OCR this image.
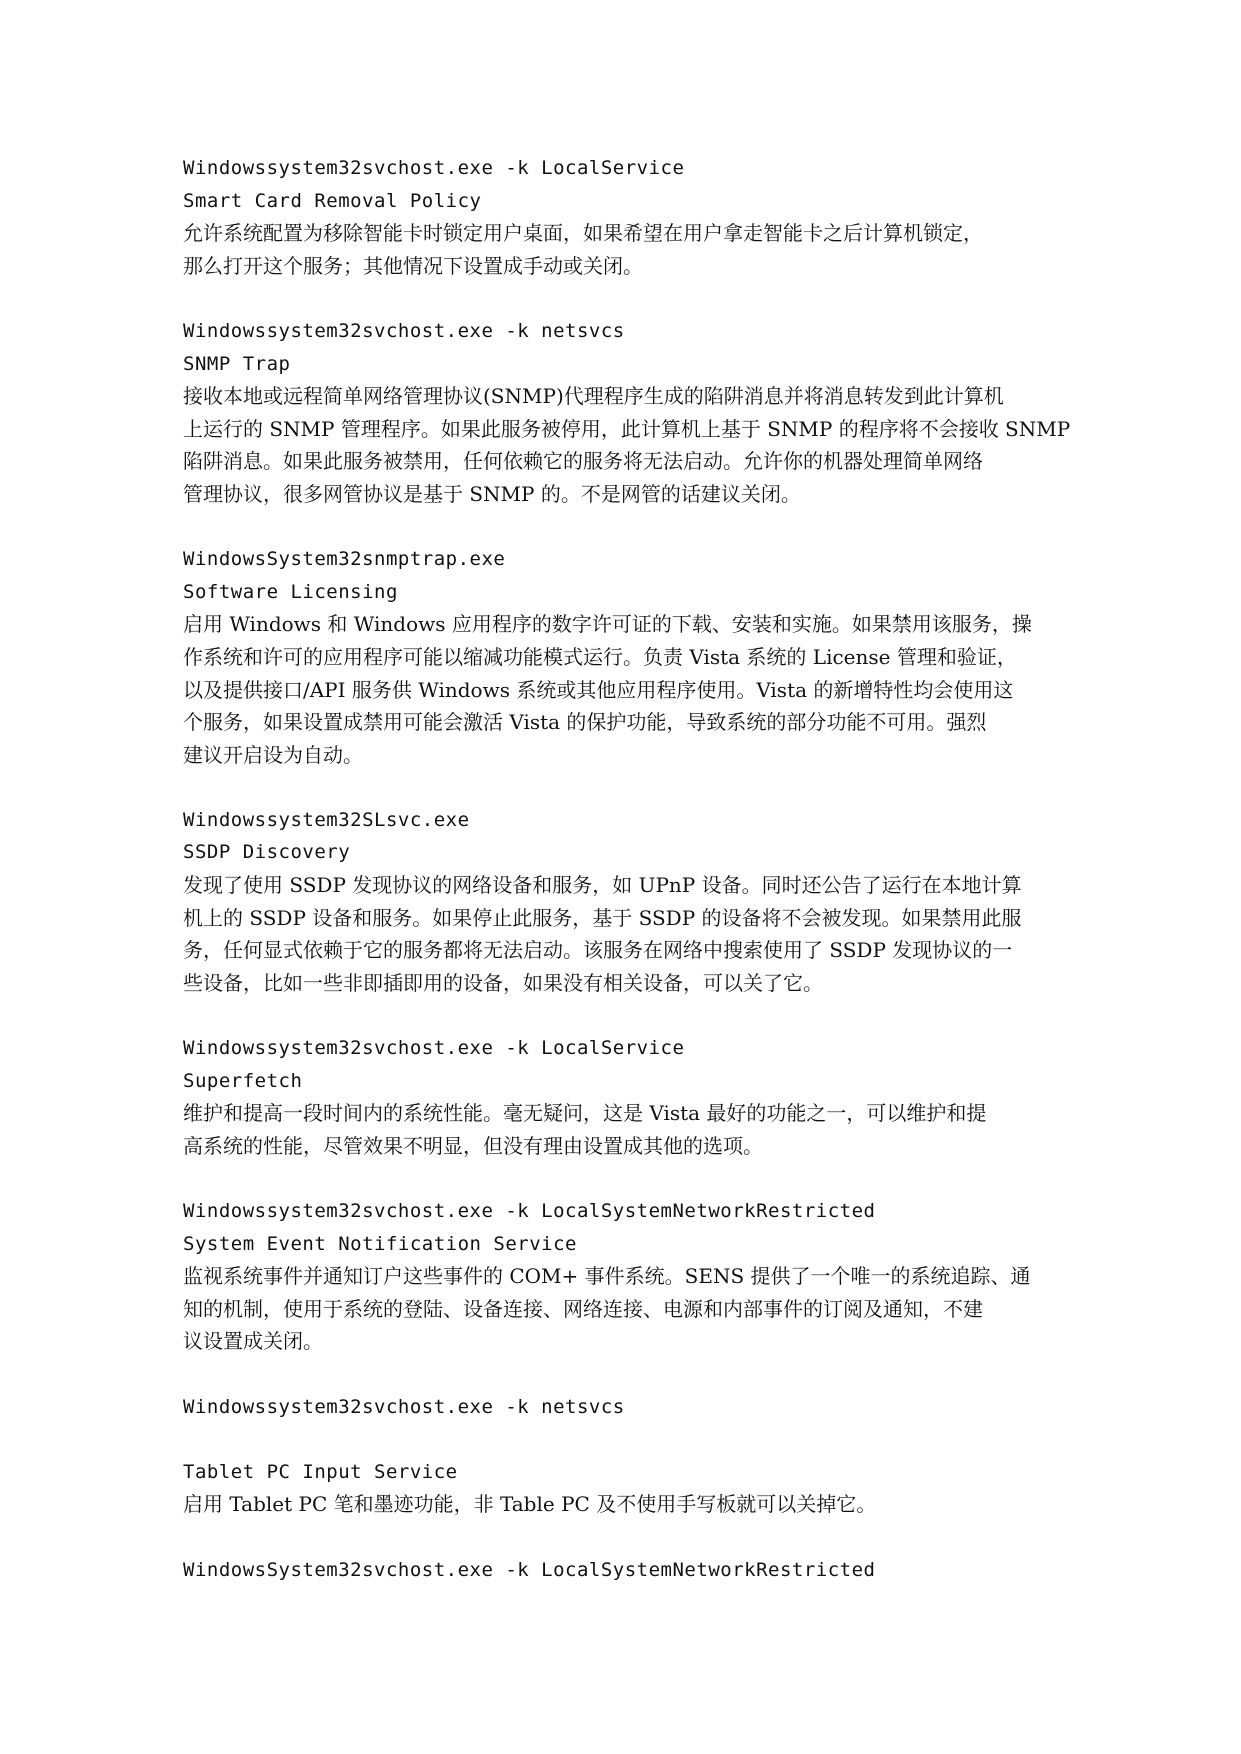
Windowssystem32svchost.exe -k LocalService
Smart Card Removal Policy
允许系统配置为移除智能卡时锁定用户桌面，如果希望在用户拿走智能卡之后计算机锁定，
那么打开这个服务；其他情况下设置成手动或关闭。
Windowssystem32svchost.exe -k netsvcs
SNMP Trap
接收本地或远程简单网络管理协议(SNMP)代理程序生成的陷阱消息并将消息转发到此计算机
上运行的 SNMP 管理程序。如果此服务被停用，此计算机上基于 SNMP 的程序将不会接收 SNMP
陷阱消息。如果此服务被禁用，任何依赖它的服务将无法启动。允许你的机器处理简单网络
管理协议，很多网管协议是基于 SNMP 的。不是网管的话建议关闭。
WindowsSystem32snmptrap.exe
Software Licensing
启用 Windows 和 Windows 应用程序的数字许可证的下载、安装和实施。如果禁用该服务，操
作系统和许可的应用程序可能以缩减功能模式运行。负责 Vista 系统的 License 管理和验证，
以及提供接口/API 服务供 Windows 系统或其他应用程序使用。Vista 的新增特性均会使用这
个服务，如果设置成禁用可能会激活 Vista 的保护功能，导致系统的部分功能不可用。强烈
建议开启设为自动。
Windowssystem32SLsvc.exe
SSDP Discovery
发现了使用 SSDP 发现协议的网络设备和服务，如 UPnP 设备。同时还公告了运行在本地计算
机上的 SSDP 设备和服务。如果停止此服务，基于 SSDP 的设备将不会被发现。如果禁用此服
务，任何显式依赖于它的服务都将无法启动。该服务在网络中搜索使用了 SSDP 发现协议的一
些设备，比如一些非即插即用的设备，如果没有相关设备，可以关了它。
Windowssystem32svchost.exe -k LocalService
Superfetch
维护和提高一段时间内的系统性能。毫无疑问，这是 Vista 最好的功能之一，可以维护和提
高系统的性能，尽管效果不明显，但没有理由设置成其他的选项。
Windowssystem32svchost.exe -k LocalSystemNetworkRestricted
System Event Notification Service
监视系统事件并通知订户这些事件的 COM+ 事件系统。SENS 提供了一个唯一的系统追踪、通
知的机制，使用于系统的登陆、设备连接、网络连接、电源和内部事件的订阅及通知，不建
议设置成关闭。
Windowssystem32svchost.exe -k netsvcs
Tablet PC Input Service
启用 Tablet PC 笔和墨迹功能，非 Table PC 及不使用手写板就可以关掉它。
WindowsSystem32svchost.exe -k LocalSystemNetworkRestricted
